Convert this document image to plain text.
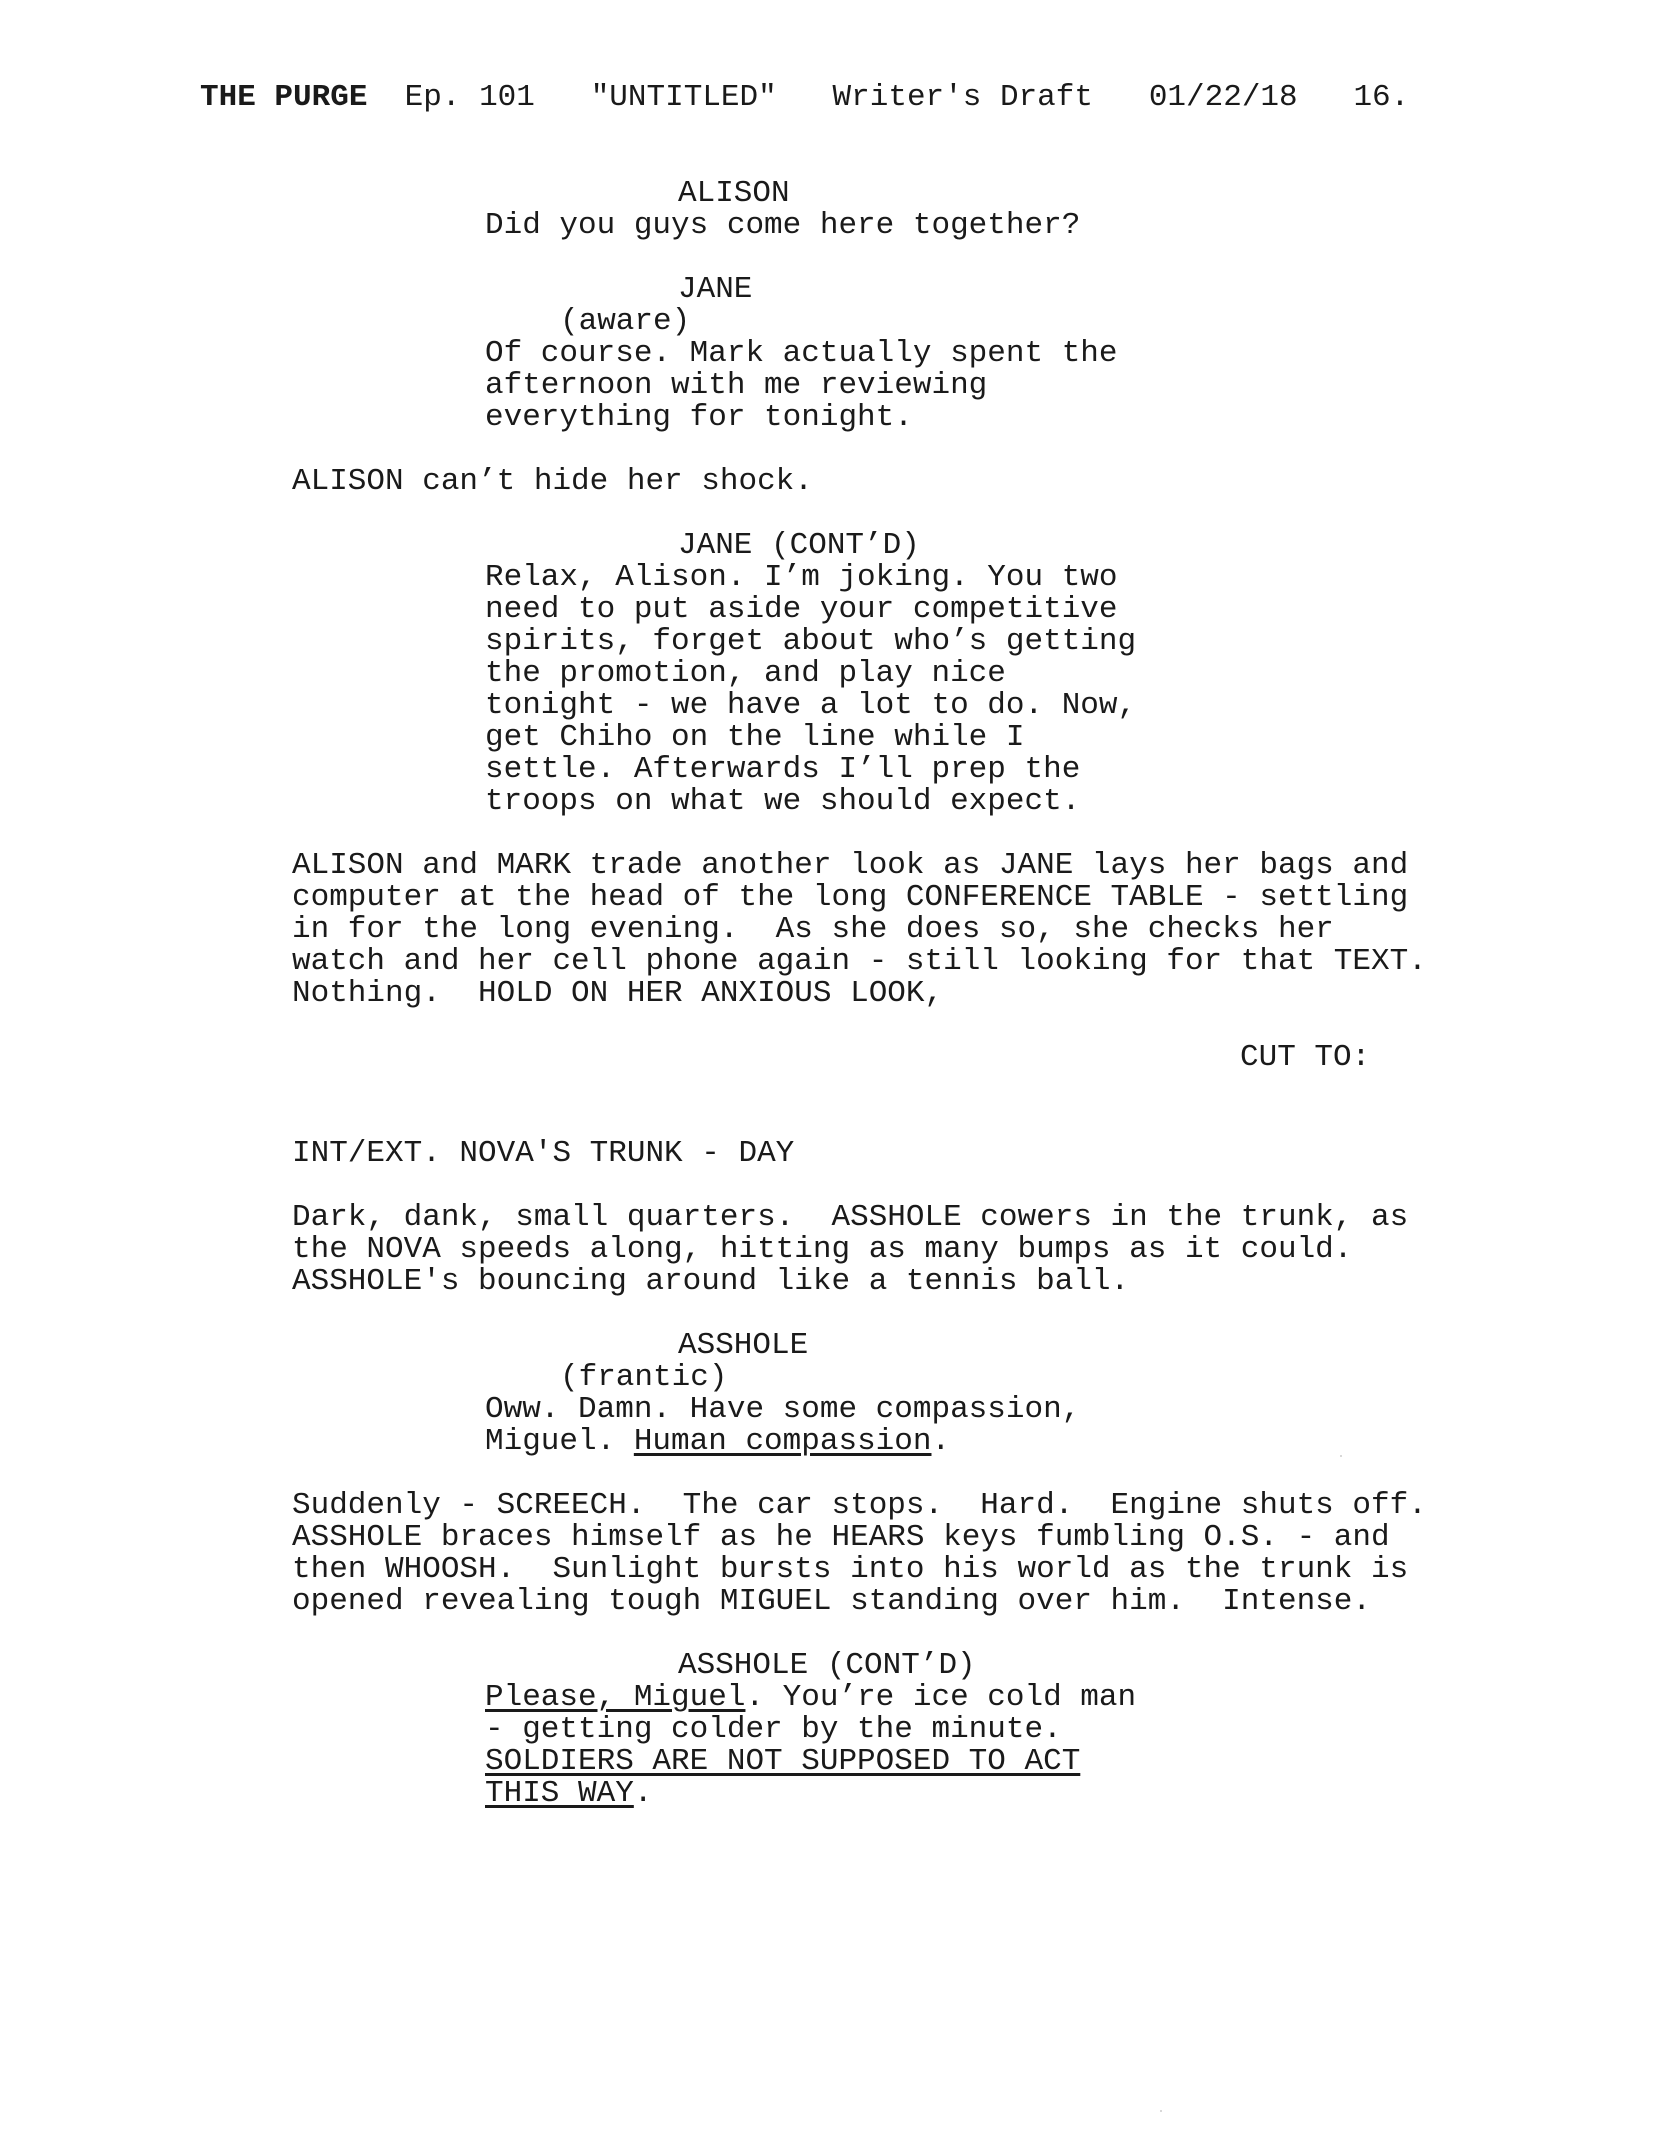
THE PURGE Ep. 101 "UNTITLED" Writer's Draft 01/22/18 16.
ALISON
Did you guys come here together?
JANE
(aware)
Of course. Mark actually spent the
afternoon with me reviewing
everything for tonight.
ALISON can’t hide her shock.
JANE (CONT’D)
Relax, Alison. I’m joking. You two
need to put aside your competitive
spirits, forget about who’s getting
the promotion, and play nice
tonight - we have a lot to do. Now,
get Chiho on the line while I
settle. Afterwards I’ll prep the
troops on what we should expect.
ALISON and MARK trade another look as JANE lays her bags and
computer at the head of the long CONFERENCE TABLE - settling
in for the long evening.  As she does so, she checks her
watch and her cell phone again - still looking for that TEXT.
Nothing.  HOLD ON HER ANXIOUS LOOK,
CUT TO:
INT/EXT. NOVA'S TRUNK - DAY
Dark, dank, small quarters.  ASSHOLE cowers in the trunk, as
the NOVA speeds along, hitting as many bumps as it could.
ASSHOLE's bouncing around like a tennis ball.
ASSHOLE
(frantic)
Oww. Damn. Have some compassion,
Miguel. Human compassion.
Suddenly - SCREECH.  The car stops.  Hard.  Engine shuts off.
ASSHOLE braces himself as he HEARS keys fumbling O.S. - and
then WHOOSH.  Sunlight bursts into his world as the trunk is
opened revealing tough MIGUEL standing over him.  Intense.
ASSHOLE (CONT’D)
Please, Miguel. You’re ice cold man
- getting colder by the minute.
SOLDIERS ARE NOT SUPPOSED TO ACT
THIS WAY.
